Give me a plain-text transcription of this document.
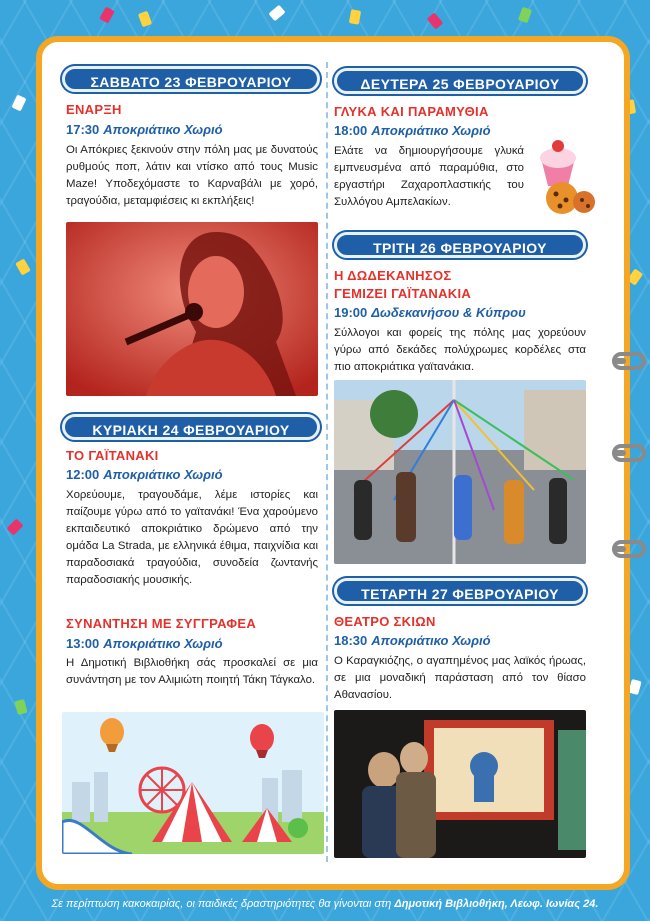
ΣΑΒΒΑΤΟ 23 ΦΕΒΡΟΥΑΡΙΟΥ
ΕΝΑΡΞΗ
17:30 Αποκριάτικο Χωριό
Οι Απόκριες ξεκινούν στην πόλη μας με δυνατούς ρυθμούς ποπ, λάτιν και ντίσκο από τους Music Maze! Υποδεχόμαστε το Καρναβάλι με χορό, τραγούδια, μεταμφιέσεις κι εκπλήξεις!
ΚΥΡΙΑΚΗ 24 ΦΕΒΡΟΥΑΡΙΟΥ
ΤΟ ΓΑΪΤΑΝΑΚΙ
12:00 Αποκριάτικο Χωριό
Χορεύουμε, τραγουδάμε, λέμε ιστορίες και παίζουμε γύρω από το γαϊτανάκι! Ένα χαρούμενο εκπαιδευτικό αποκριάτικο δρώμενο από την ομάδα La Strada, με ελληνικά έθιμα, παιχνίδια και παραδοσιακά τραγούδια, συνοδεία ζωντανής παραδοσιακής μουσικής.
ΣΥΝΑΝΤΗΣΗ ΜΕ ΣΥΓΓΡΑΦΕΑ
13:00 Αποκριάτικο Χωριό
Η Δημοτική Βιβλιοθήκη σάς προσκαλεί σε μια συνάντηση με τον Αλιμιώτη ποιητή Τάκη Τάγκαλο.
ΔΕΥΤΕΡΑ 25 ΦΕΒΡΟΥΑΡΙΟΥ
ΓΛΥΚΑ ΚΑΙ ΠΑΡΑΜΥΘΙΑ
18:00 Αποκριάτικο Χωριό
Ελάτε να δημιουργήσουμε γλυκά εμπνευσμένα από παραμύθια, στο εργαστήρι Ζαχαροπλαστικής του Συλλόγου Αμπελακίων.
ΤΡΙΤΗ 26 ΦΕΒΡΟΥΑΡΙΟΥ
Η ΔΩΔΕΚΑΝΗΣΟΣ
ΓΕΜΙΖΕΙ ΓΑΪΤΑΝΑΚΙΑ
19:00 Δωδεκανήσου & Κύπρου
Σύλλογοι και φορείς της πόλης μας χορεύουν γύρω από δεκάδες πολύχρωμες κορδέλες στα πιο αποκριάτικα γαϊτανάκια.
ΤΕΤΑΡΤΗ 27 ΦΕΒΡΟΥΑΡΙΟΥ
ΘΕΑΤΡΟ ΣΚΙΩΝ
18:30 Αποκριάτικο Χωριό
Ο Καραγκιόζης, ο αγαπημένος μας λαϊκός ήρωας, σε μια μοναδική παράσταση από τον θίασο Αθανασίου.
Σε περίπτωση κακοκαιρίας, οι παιδικές δραστηριότητες θα γίνονται στη Δημοτική Βιβλιοθήκη, Λεωφ. Ιωνίας 24.
